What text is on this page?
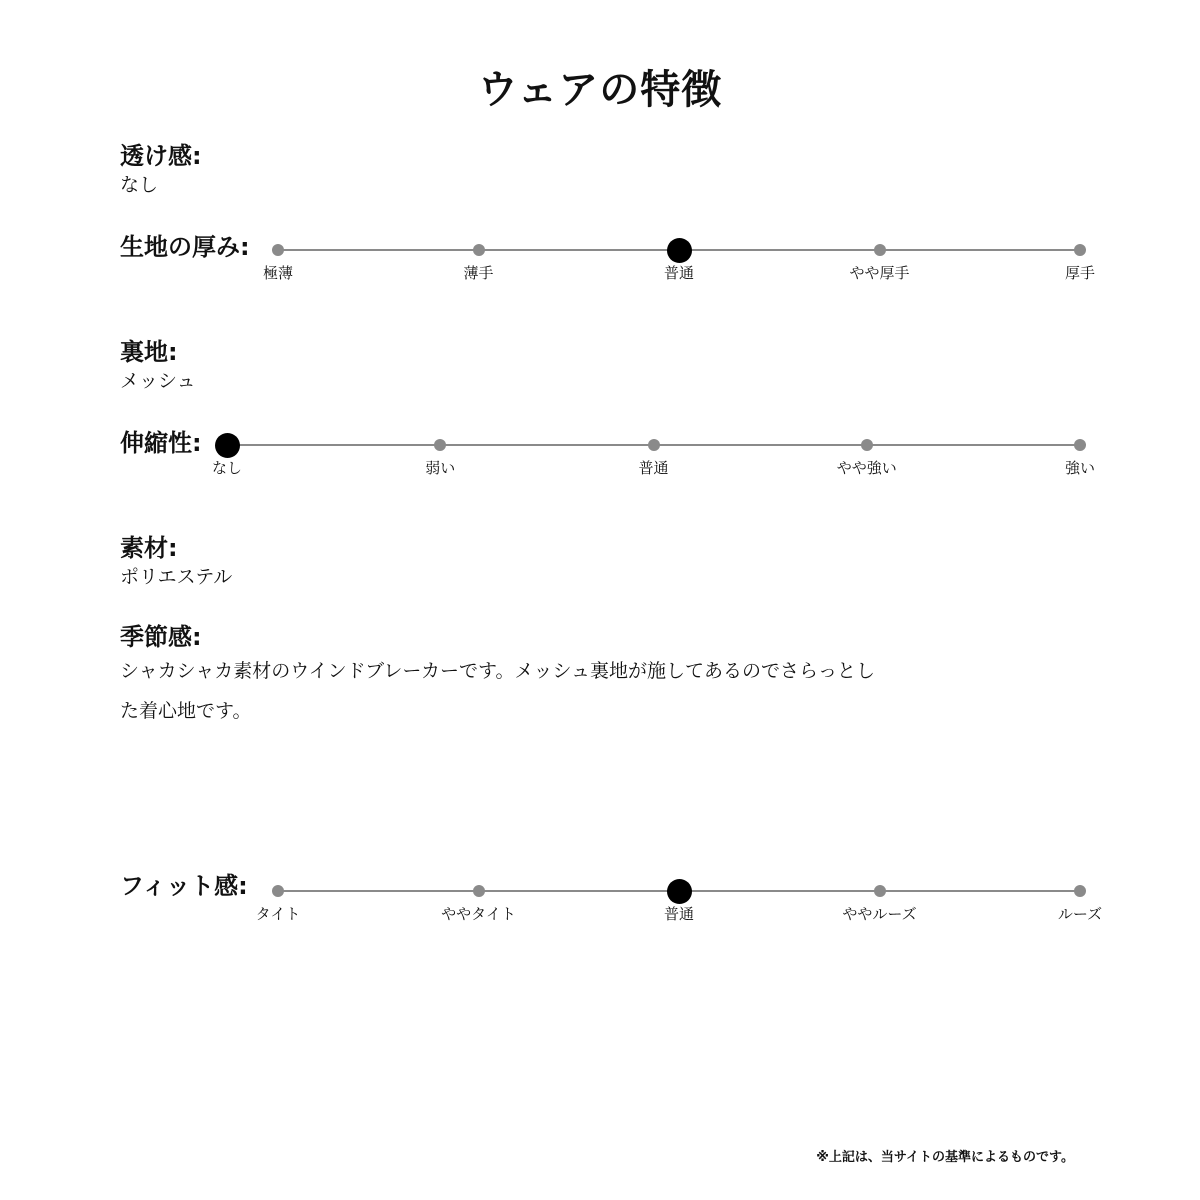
ウェアの特徴
透け感:
なし
生地の厚み:
極薄	薄手	普通	やや厚手	厚手
裏地:
メッシュ
伸縮性:
なし	弱い	普通	やや強い	強い
素材:
ポリエステル
季節感:
シャカシャカ素材のウインドブレーカーです。メッシュ裏地が施してあるのでさらっとした着心地です。
フィット感:
タイト	ややタイト	普通	ややルーズ	ルーズ
※上記は、当サイトの基準によるものです。
